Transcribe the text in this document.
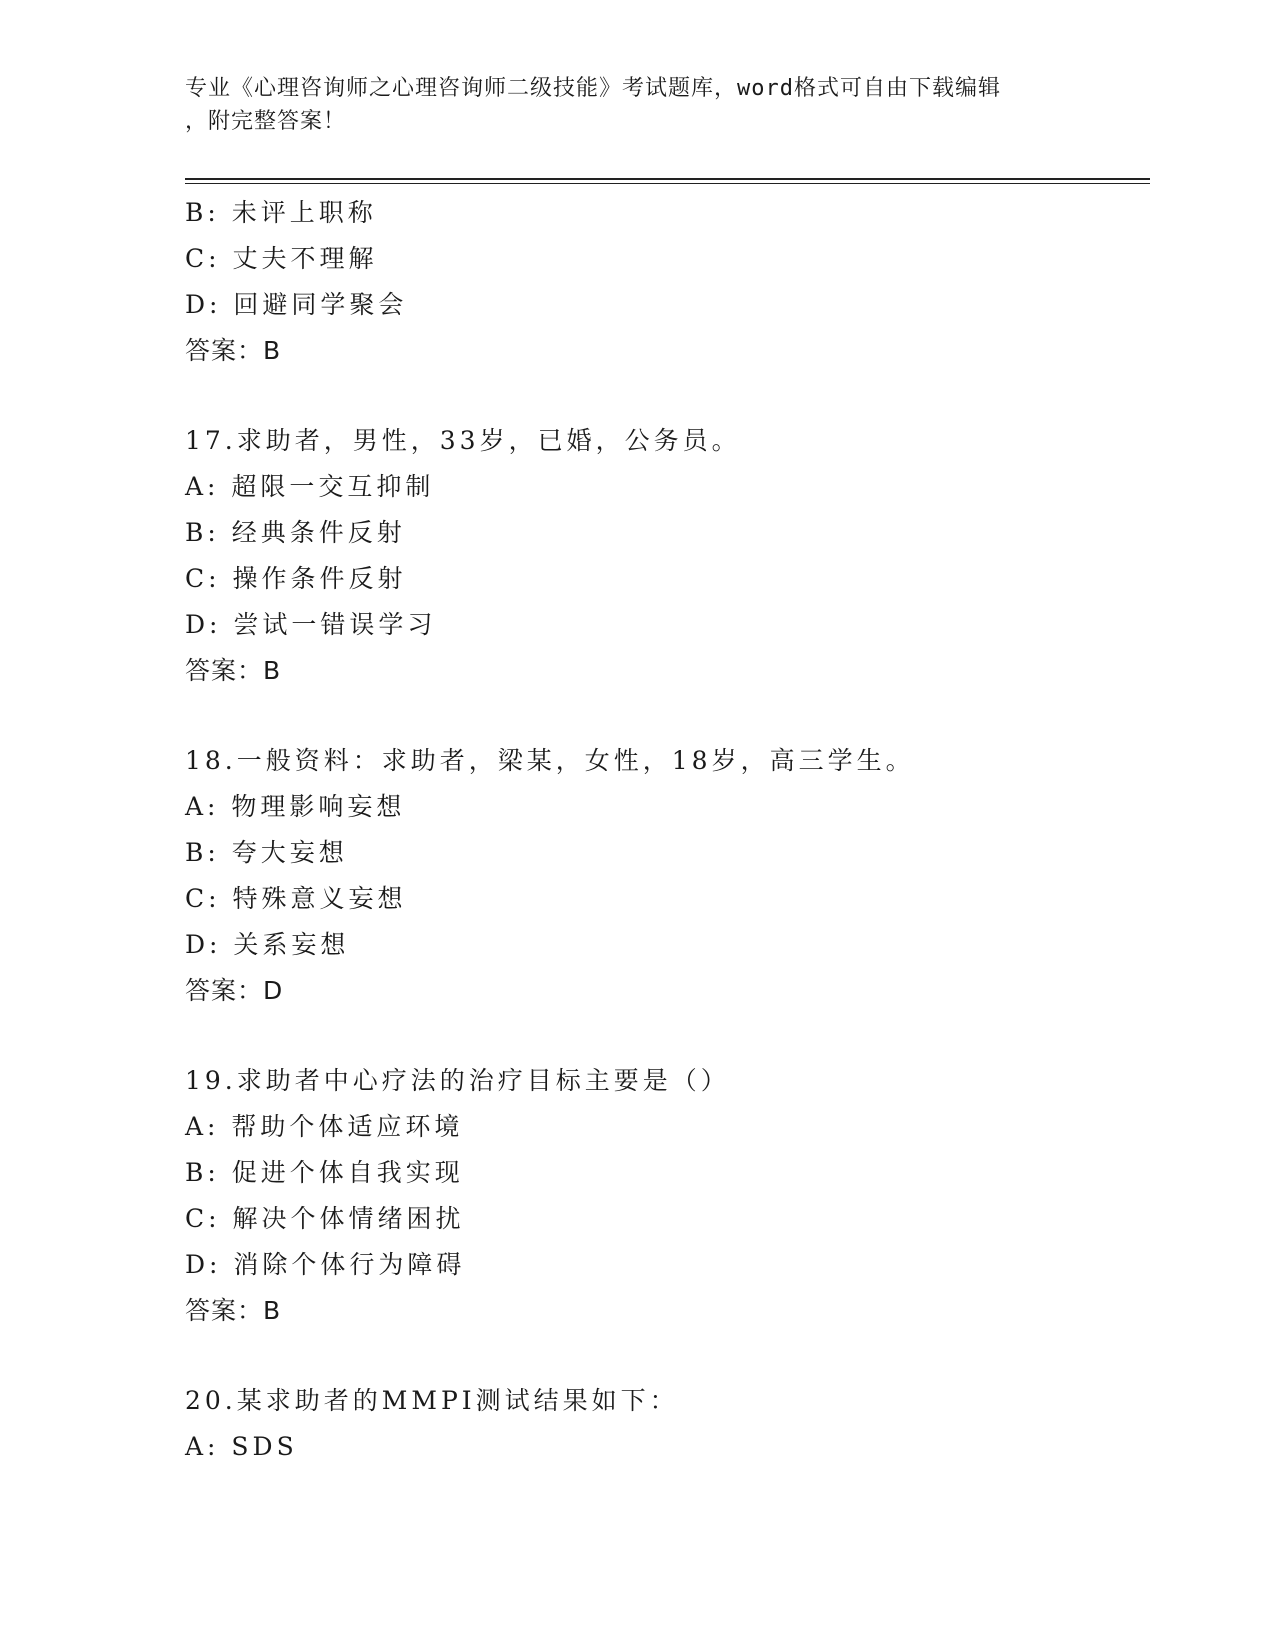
专业《心理咨询师之心理咨询师二级技能》考试题库，word格式可自由下载编辑
，附完整答案！
B: 未评上职称
C: 丈夫不理解
D: 回避同学聚会
答案：B
17.求助者，男性，33岁，已婚，公务员。
A: 超限一交互抑制
B: 经典条件反射
C: 操作条件反射
D: 尝试一错误学习
答案：B
18.一般资料：求助者，梁某，女性，18岁，高三学生。
A: 物理影响妄想
B: 夸大妄想
C: 特殊意义妄想
D: 关系妄想
答案：D
19.求助者中心疗法的治疗目标主要是（）
A: 帮助个体适应环境
B: 促进个体自我实现
C: 解决个体情绪困扰
D: 消除个体行为障碍
答案：B
20.某求助者的MMPI测试结果如下：
A: SDS
